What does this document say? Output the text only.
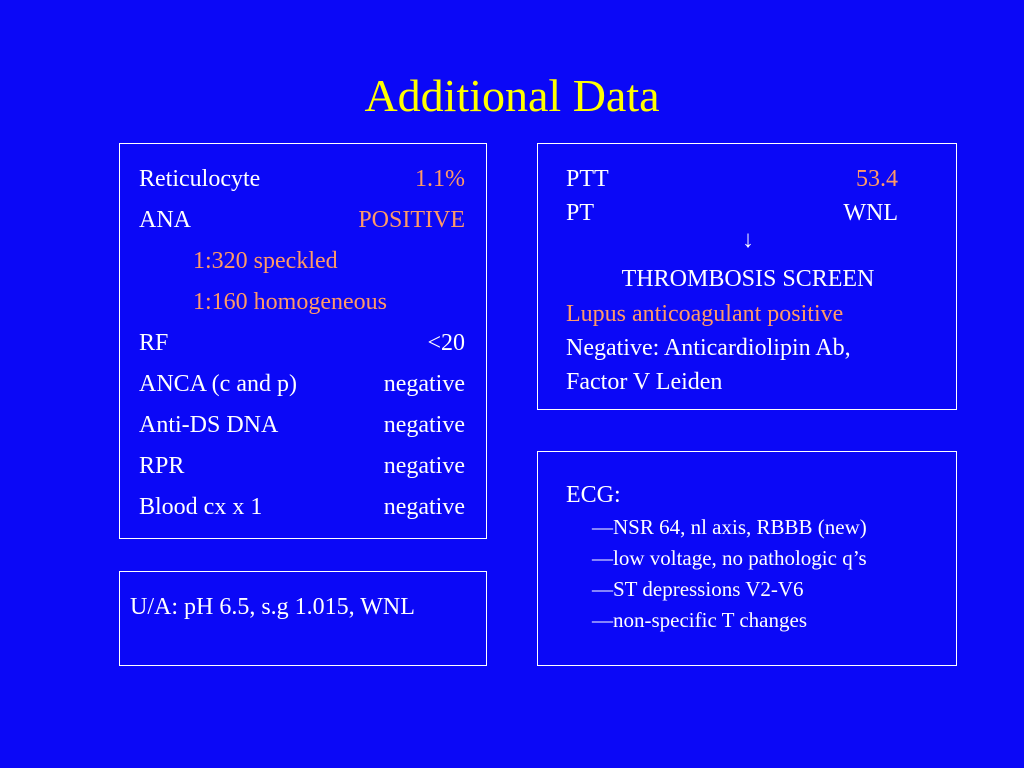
Additional Data
Reticulocyte	1.1%
ANA	POSITIVE
1:320 speckled
1:160 homogeneous
RF	<20
ANCA (c and p)	negative
Anti-DS DNA	negative
RPR	negative
Blood cx x 1	negative
U/A: pH 6.5, s.g 1.015, WNL
PTT	53.4
PT	WNL
↓
THROMBOSIS SCREEN
Lupus anticoagulant positive
Negative: Anticardiolipin Ab,
Factor V Leiden
ECG:
—NSR 64, nl axis, RBBB (new)
—low voltage, no pathologic q’s
—ST depressions V2-V6
—non-specific T changes
